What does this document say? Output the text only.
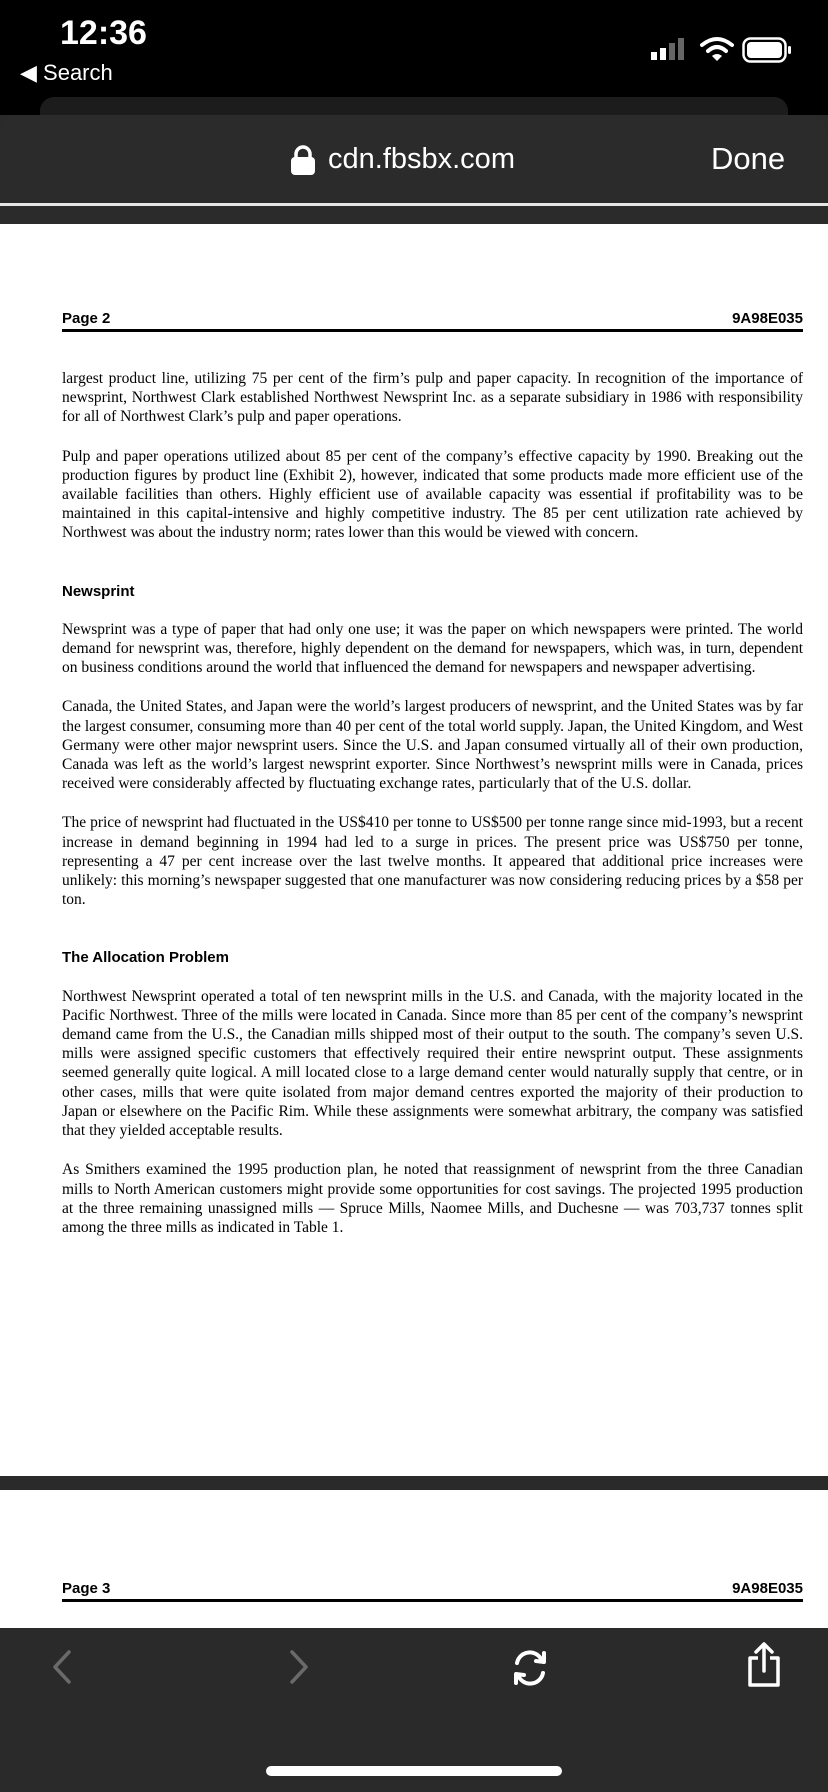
12:36
◀ Search
cdn.fbsbx.com	Done
Page 2	9A98E035

largest product line, utilizing 75 per cent of the firm’s pulp and paper capacity. In recognition of the importance of newsprint, Northwest Clark established Northwest Newsprint Inc. as a separate subsidiary in 1986 with responsibility for all of Northwest Clark’s pulp and paper operations.

Pulp and paper operations utilized about 85 per cent of the company’s effective capacity by 1990. Breaking out the production figures by product line (Exhibit 2), however, indicated that some products made more efficient use of the available facilities than others. Highly efficient use of available capacity was essential if profitability was to be maintained in this capital-intensive and highly competitive industry. The 85 per cent utilization rate achieved by Northwest was about the industry norm; rates lower than this would be viewed with concern.

Newsprint

Newsprint was a type of paper that had only one use; it was the paper on which newspapers were printed. The world demand for newsprint was, therefore, highly dependent on the demand for newspapers, which was, in turn, dependent on business conditions around the world that influenced the demand for newspapers and newspaper advertising.

Canada, the United States, and Japan were the world’s largest producers of newsprint, and the United States was by far the largest consumer, consuming more than 40 per cent of the total world supply. Japan, the United Kingdom, and West Germany were other major newsprint users. Since the U.S. and Japan consumed virtually all of their own production, Canada was left as the world’s largest newsprint exporter. Since Northwest’s newsprint mills were in Canada, prices received were considerably affected by fluctuating exchange rates, particularly that of the U.S. dollar.

The price of newsprint had fluctuated in the US$410 per tonne to US$500 per tonne range since mid-1993, but a recent increase in demand beginning in 1994 had led to a surge in prices. The present price was US$750 per tonne, representing a 47 per cent increase over the last twelve months. It appeared that additional price increases were unlikely: this morning’s newspaper suggested that one manufacturer was now considering reducing prices by a $58 per ton.

The Allocation Problem

Northwest Newsprint operated a total of ten newsprint mills in the U.S. and Canada, with the majority located in the Pacific Northwest. Three of the mills were located in Canada. Since more than 85 per cent of the company’s newsprint demand came from the U.S., the Canadian mills shipped most of their output to the south. The company’s seven U.S. mills were assigned specific customers that effectively required their entire newsprint output. These assignments seemed generally quite logical. A mill located close to a large demand center would naturally supply that centre, or in other cases, mills that were quite isolated from major demand centres exported the majority of their production to Japan or elsewhere on the Pacific Rim. While these assignments were somewhat arbitrary, the company was satisfied that they yielded acceptable results.

As Smithers examined the 1995 production plan, he noted that reassignment of newsprint from the three Canadian mills to North American customers might provide some opportunities for cost savings. The projected 1995 production at the three remaining unassigned mills — Spruce Mills, Naomee Mills, and Duchesne — was 703,737 tonnes split among the three mills as indicated in Table 1.

Page 3	9A98E035
